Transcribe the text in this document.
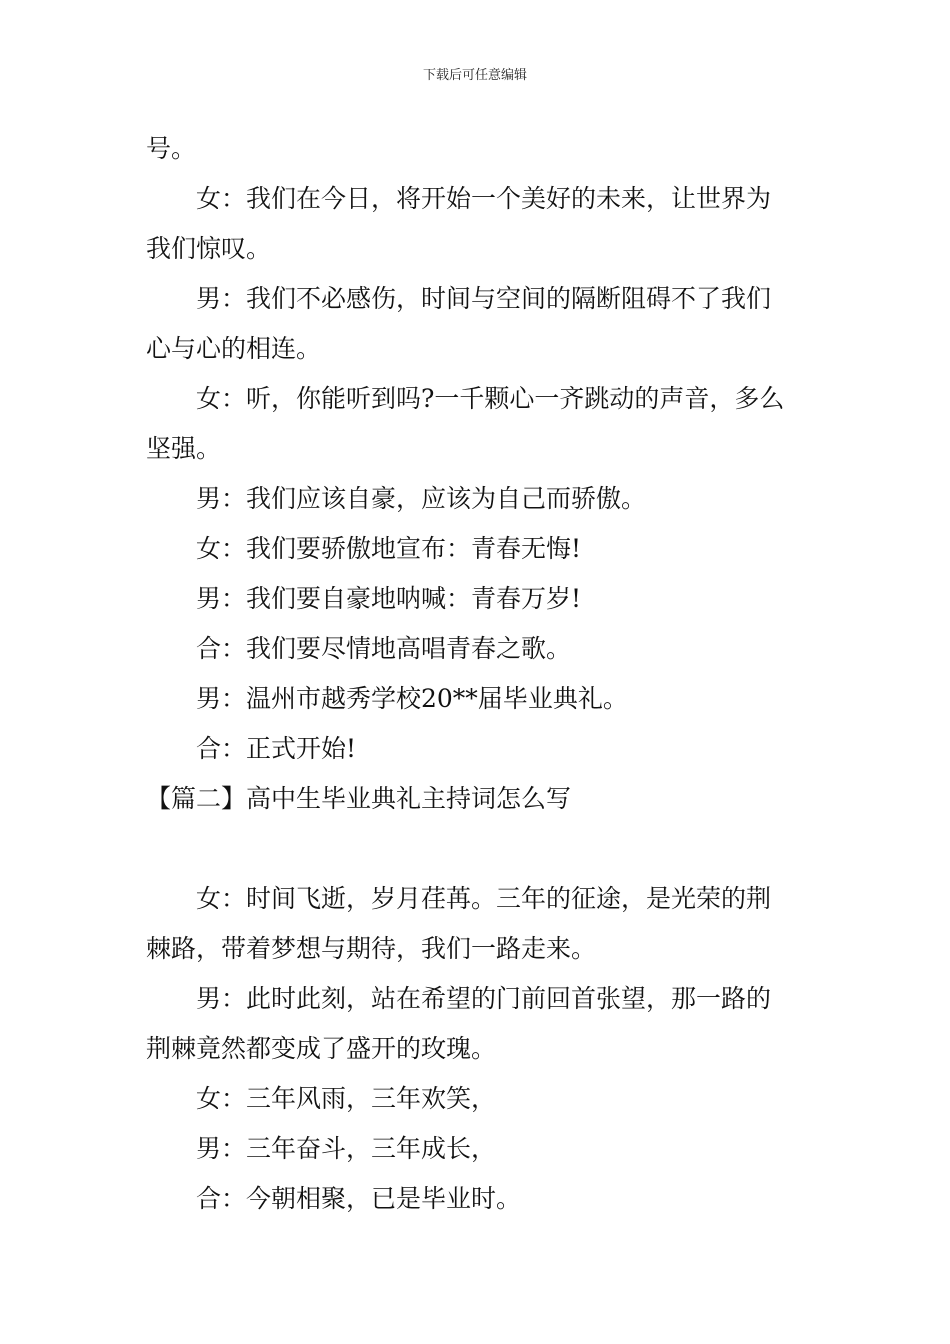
下载后可任意编辑
号。
女：我们在今日，将开始一个美好的未来，让世界为
我们惊叹。
男：我们不必感伤，时间与空间的隔断阻碍不了我们
心与心的相连。
女：听，你能听到吗?一千颗心一齐跳动的声音，多么
坚强。
男：我们应该自豪，应该为自己而骄傲。
女：我们要骄傲地宣布：青春无悔!
男：我们要自豪地呐喊：青春万岁!
合：我们要尽情地高唱青春之歌。
男：温州市越秀学校20**届毕业典礼。
合：正式开始!
【篇二】高中生毕业典礼主持词怎么写
女：时间飞逝，岁月荏苒。三年的征途，是光荣的荆
棘路，带着梦想与期待，我们一路走来。
男：此时此刻，站在希望的门前回首张望，那一路的
荆棘竟然都变成了盛开的玫瑰。
女：三年风雨，三年欢笑，
男：三年奋斗，三年成长，
合：今朝相聚，已是毕业时。
